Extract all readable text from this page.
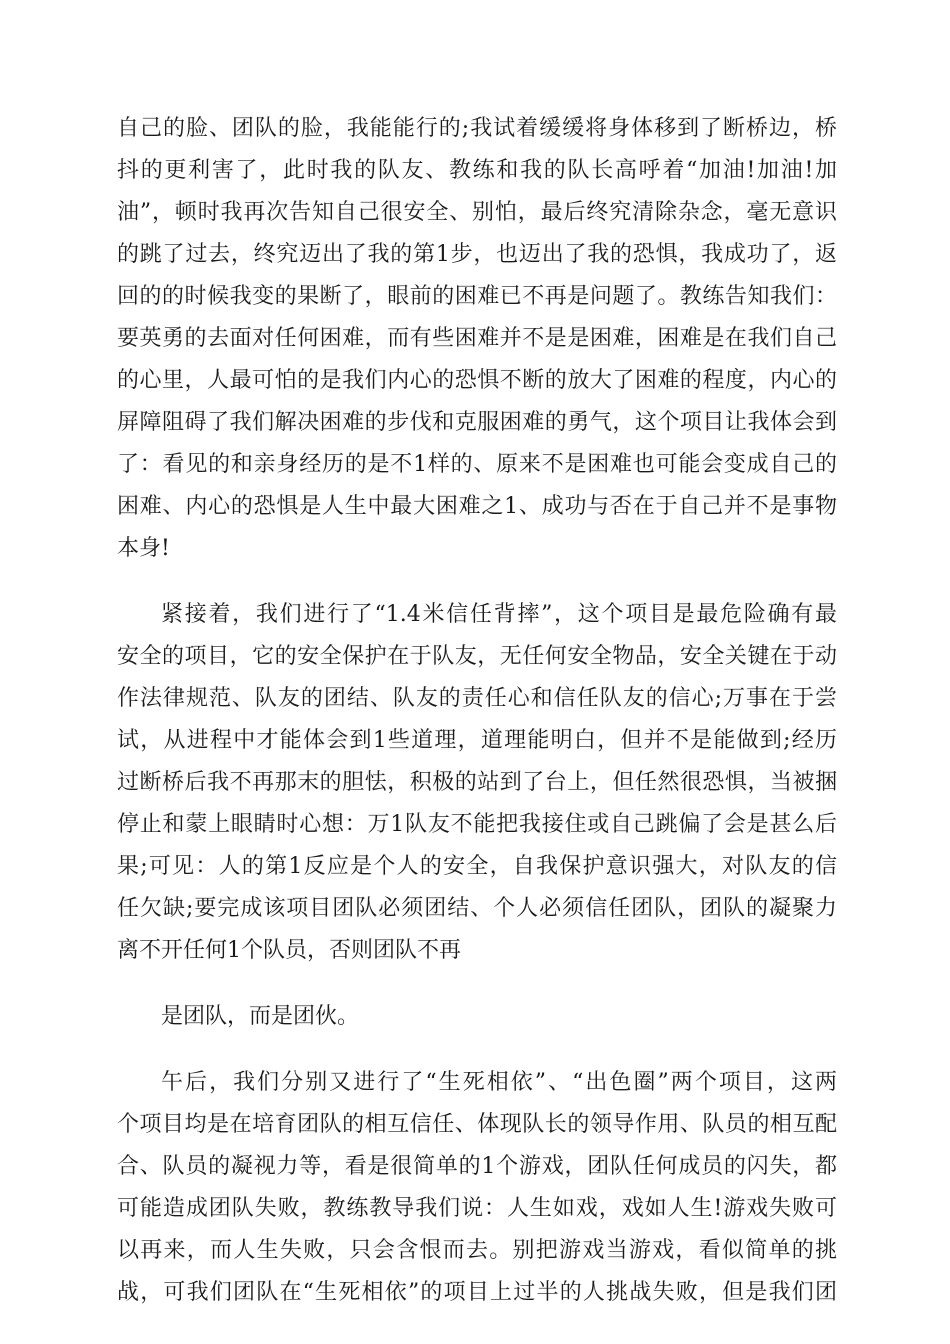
自己的脸、团队的脸，我能能行的;我试着缓缓将身体移到了断桥边，桥
抖的更利害了，此时我的队友、教练和我的队长高呼着“加油!加油!加
油”，顿时我再次告知自己很安全、别怕，最后终究清除杂念，毫无意识
的跳了过去，终究迈出了我的第1步，也迈出了我的恐惧，我成功了，返
回的的时候我变的果断了，眼前的困难已不再是问题了。教练告知我们：
要英勇的去面对任何困难，而有些困难并不是是困难，困难是在我们自己
的心里，人最可怕的是我们内心的恐惧不断的放大了困难的程度，内心的
屏障阻碍了我们解决困难的步伐和克服困难的勇气，这个项目让我体会到
了：看见的和亲身经历的是不1样的、原来不是困难也可能会变成自己的
困难、内心的恐惧是人生中最大困难之1、成功与否在于自己并不是事物
本身!
紧接着，我们进行了“1.4米信任背摔”，这个项目是最危险确有最
安全的项目，它的安全保护在于队友，无任何安全物品，安全关键在于动
作法律规范、队友的团结、队友的责任心和信任队友的信心;万事在于尝
试，从进程中才能体会到1些道理，道理能明白，但并不是能做到;经历
过断桥后我不再那末的胆怯，积极的站到了台上，但任然很恐惧，当被捆
停止和蒙上眼睛时心想：万1队友不能把我接住或自己跳偏了会是甚么后
果;可见：人的第1反应是个人的安全，自我保护意识强大，对队友的信
任欠缺;要完成该项目团队必须团结、个人必须信任团队，团队的凝聚力
离不开任何1个队员，否则团队不再
是团队，而是团伙。
午后，我们分别又进行了“生死相依”、“出色圈”两个项目，这两
个项目均是在培育团队的相互信任、体现队长的领导作用、队员的相互配
合、队员的凝视力等，看是很简单的1个游戏，团队任何成员的闪失，都
可能造成团队失败，教练教导我们说：人生如戏，戏如人生!游戏失败可
以再来，而人生失败，只会含恨而去。别把游戏当游戏，看似简单的挑
战，可我们团队在“生死相依”的项目上过半的人挑战失败，但是我们团
